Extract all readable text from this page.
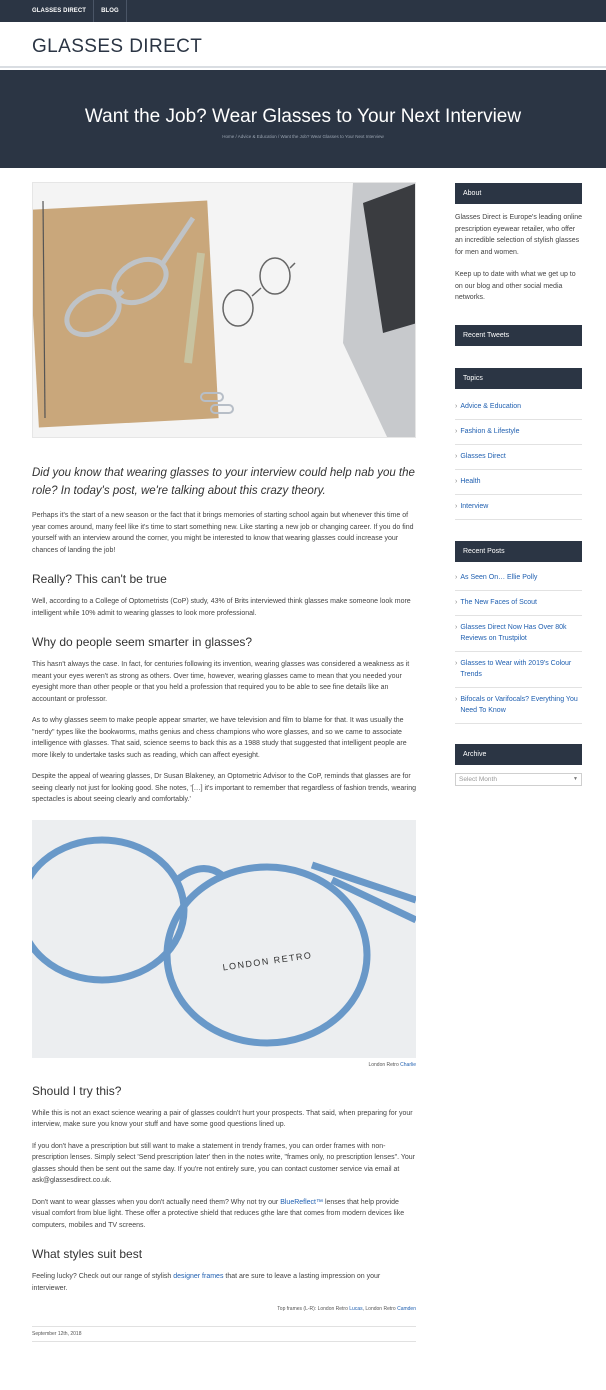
GLASSES DIRECT	BLOG
GLASSES DIRECT
Want the Job? Wear Glasses to Your Next Interview
Home / Advice & Education / Want the Job? Wear Glasses to Your Next Interview

Did you know that wearing glasses to your interview could help nab you the role? In today's post, we're talking about this crazy theory.

Perhaps it's the start of a new season or the fact that it brings memories of starting school again but whenever this time of year comes around, many feel like it's time to start something new. Like starting a new job or changing career. If you do find yourself with an interview around the corner, you might be interested to know that wearing glasses could increase your chances of landing the job!

Really? This can't be true

Well, according to a College of Optometrists (CoP) study, 43% of Brits interviewed think glasses make someone look more intelligent while 10% admit to wearing glasses to look more professional.

Why do people seem smarter in glasses?

This hasn't always the case. In fact, for centuries following its invention, wearing glasses was considered a weakness as it meant your eyes weren't as strong as others. Over time, however, wearing glasses came to mean that you needed your eyesight more than other people or that you held a profession that required you to be able to see fine details like an accountant or professor.

As to why glasses seem to make people appear smarter, we have television and film to blame for that. It was usually the "nerdy" types like the bookworms, maths genius and chess champions who wore glasses, and so we came to associate intelligence with glasses. That said, science seems to back this as a 1988 study that suggested that intelligent people are more likely to undertake tasks such as reading, which can affect eyesight.

Despite the appeal of wearing glasses, Dr Susan Blakeney, an Optometric Advisor to the CoP, reminds that glasses are for seeing clearly not just for looking good. She notes, '[…] it's important to remember that regardless of fashion trends, wearing spectacles is about seeing clearly and comfortably.'

LONDON RETRO
London Retro Charlie
Should I try this?

While this is not an exact science wearing a pair of glasses couldn't hurt your prospects. That said, when preparing for your interview, make sure you know your stuff and have some good questions lined up.

If you don't have a prescription but still want to make a statement in trendy frames, you can order frames with non-prescription lenses. Simply select 'Send prescription later' then in the notes write, "frames only, no prescription lenses". Your glasses should then be sent out the same day. If you're not entirely sure, you can contact customer service via email at ask@glassesdirect.co.uk.

Don't want to wear glasses when you don't actually need them? Why not try our BlueReflect™ lenses that help provide visual comfort from blue light. These offer a protective shield that reduces gthe lare that comes from modern devices like computers, mobiles and TV screens.

What styles suit best

Feeling lucky? Check out our range of stylish designer frames that are sure to leave a lasting impression on your interviewer.

Top frames (L-R): London Retro Lucas, London Retro Camden
September 12th, 2018
About

Glasses Direct is Europe's leading online prescription eyewear retailer, who offer an incredible selection of stylish glasses for men and women.

Keep up to date with what we get up to on our blog and other social media networks.

Recent Tweets
Topics
› Advice & Education
› Fashion & Lifestyle
› Glasses Direct
› Health
› Interview
Recent Posts
› As Seen On… Ellie Polly
› The New Faces of Scout
› Glasses Direct Now Has Over 80k Reviews on Trustpilot
› Glasses to Wear with 2019's Colour Trends
› Bifocals or Varifocals? Everything You Need To Know
Archive
Select Month	▼
